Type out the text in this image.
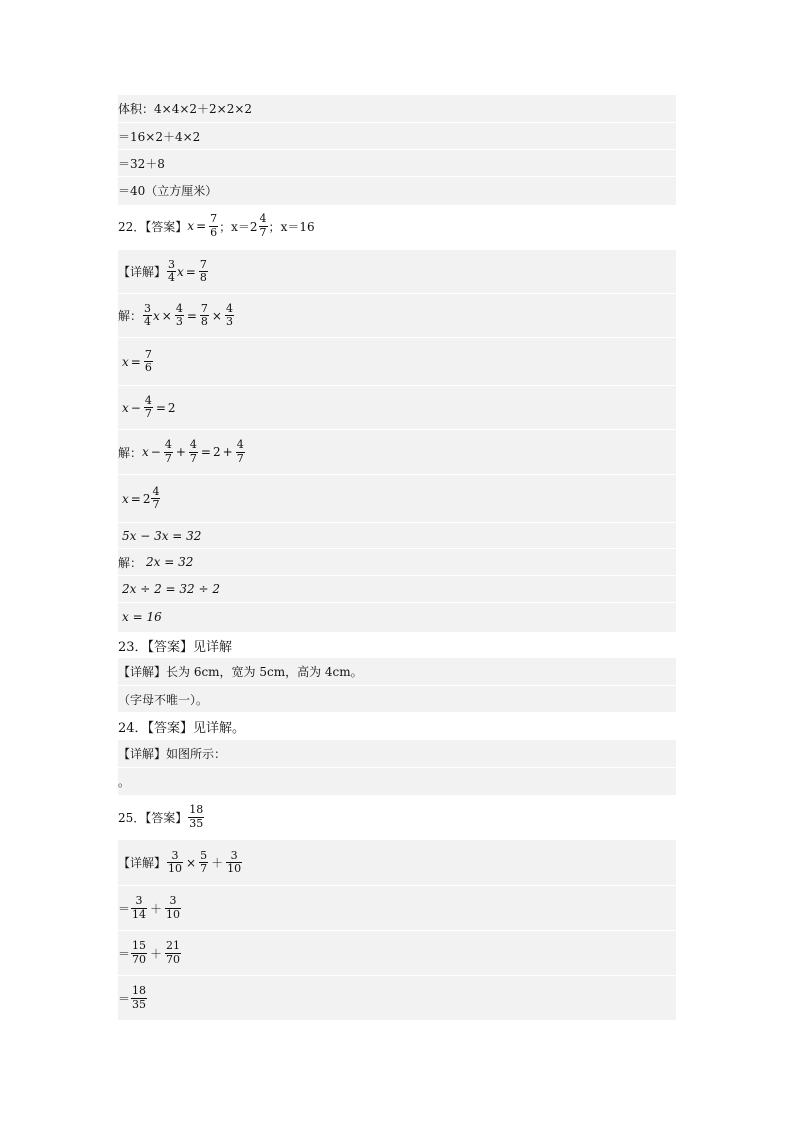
体积：4×4×2＋2×2×2
＝16×2＋4×2
＝32＋8
＝40（立方厘米）
22．【答案】 $x = \frac{7}{6}$ ； $x=2 \frac{4}{7}$ ； x＝16
【详解】 $\frac{3}{4}$ $x = \frac{7}{8}$
解： $\frac{3}{4}$ $x \times \frac{4}{3} = \frac{7}{8} \times \frac{4}{3}$
$x = \frac{7}{6}$
$x - \frac{4}{7} = 2$
解： $x - \frac{4}{7} + \frac{4}{7} = 2 + \frac{4}{7}$
$x = 2 \frac{4}{7}$
5x − 3x = 32
解： 2x = 32
2x ÷ 2 = 32 ÷ 2
x = 16
23．【答案】见详解
【详解】长为 6cm，宽为 5cm，高为 4cm。
（字母不唯一）。
24．【答案】见详解。
【详解】如图所示：
。
25．【答案】 $\frac{18}{35}$
【详解】 $\frac{3}{10} \times \frac{5}{7} + \frac{3}{10}$
＝ $\frac{3}{14} + \frac{3}{10}$
＝ $\frac{15}{70} + \frac{21}{70}$
＝ $\frac{18}{35}$
